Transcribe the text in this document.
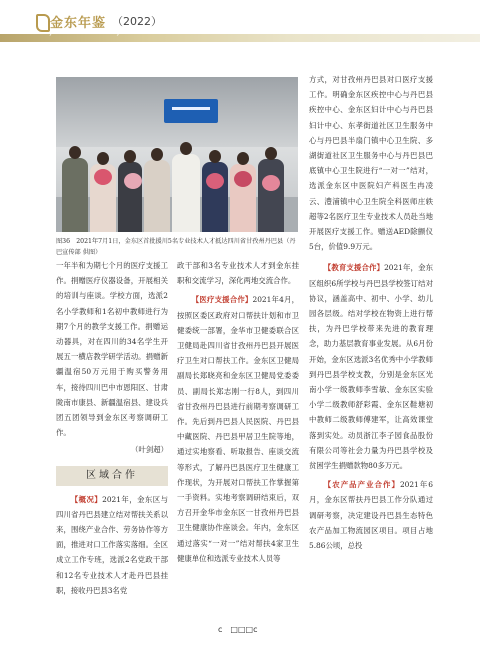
金东年鉴 （2022）
JINDONG NIANJIAN
图36　2021年7月1日，金东区首批援川5名专业技术人才抵达四川省甘孜州丹巴县（丹巴宣传部 供图）

一年半和为期七个月的医疗支援工作。捐赠医疗仪器设备，开展相关的培训与座谈。学校方面，选派2名小学教师和1名初中教师进行为期7个月的教学支援工作。捐赠运动器具，对在四川的34名学生开展五一横店教学研学活动。捐赠新疆温宿50万元用于购买警务用车，接待四川巴中市恩阳区、甘肃陇南市康县、新疆温宿县、建设兵团五团领导到金东区考察调研工作。

（叶剑超）

区域合作

【概况】2021年，金东区与四川省丹巴县建立结对帮扶关系以来，围绕产业合作、劳务协作等方面，推进对口工作落实落细。全区成立工作专班，选派2名党政干部和12名专业技术人才赴丹巴县挂职，接收丹巴县3名党

政干部和3名专业技术人才到金东挂职和交流学习，深化两地交流合作。

【医疗支援合作】2021年4月，按照区委区政府对口帮扶计划和市卫健委统一部署，金华市卫健委联合区卫健局赴四川省甘孜州丹巴县开展医疗卫生对口帮扶工作。金东区卫健局副局长郑晓亮和金东区卫健局党委委员、副局长郑志刚一行8人，到四川省甘孜州丹巴县进行前期考察调研工作。先后到丹巴县人民医院、丹巴县中藏医院、丹巴县甲居卫生院等地，通过实地察看、听取报告、座谈交流等形式，了解丹巴县医疗卫生健康工作现状，为开展对口帮扶工作掌握第一手资料。实地考察调研结束后，双方召开金华市金东区一甘孜州丹巴县卫生健康协作座谈会。年内，金东区通过落实“一对一”结对帮扶4家卫生健康单位和选派专业技术人员等

方式，对甘孜州丹巴县对口医疗支援工作。明确金东区疾控中心与丹巴县疾控中心、金东区妇计中心与丹巴县妇计中心、东孝街道社区卫生服务中心与丹巴县半扇门镇中心卫生院、多湖街道社区卫生服务中心与丹巴县巴底镇中心卫生院进行“一对一”结对，选派金东区中医院妇产科医生冉凌云、澧浦镇中心卫生院全科医师庄轶超等2名医疗卫生专业技术人员赴当地开展医疗支援工作。赠送AED除颤仪5台，价值9.9万元。

【教育支援合作】2021年，金东区组织6所学校与丹巴县学校签订结对协议，涵盖高中、初中、小学、幼儿园各层级。结对学校在物资上进行帮扶，为丹巴学校带来先进的教育理念，助力基层教育事业发展。从6月份开始，金东区选派3名优秀中小学教师到丹巴县学校支教，分别是金东区光南小学一级教师李雪敏、金东区实验小学二级教师舒彩霞、金东区鞋塘初中教师二级教师傅建军，让高效课堂落到实处。动员浙江李子园食品股份有限公司等社会力量为丹巴县学校及贫困学生捐赠款物80多万元。

【农产品产业合作】2021年6月，金东区帮扶丹巴县工作分队通过调研考察，决定建设丹巴县生态特色农产品加工物流园区项目。项目占地5.86公顷，总投

c　□□□c
